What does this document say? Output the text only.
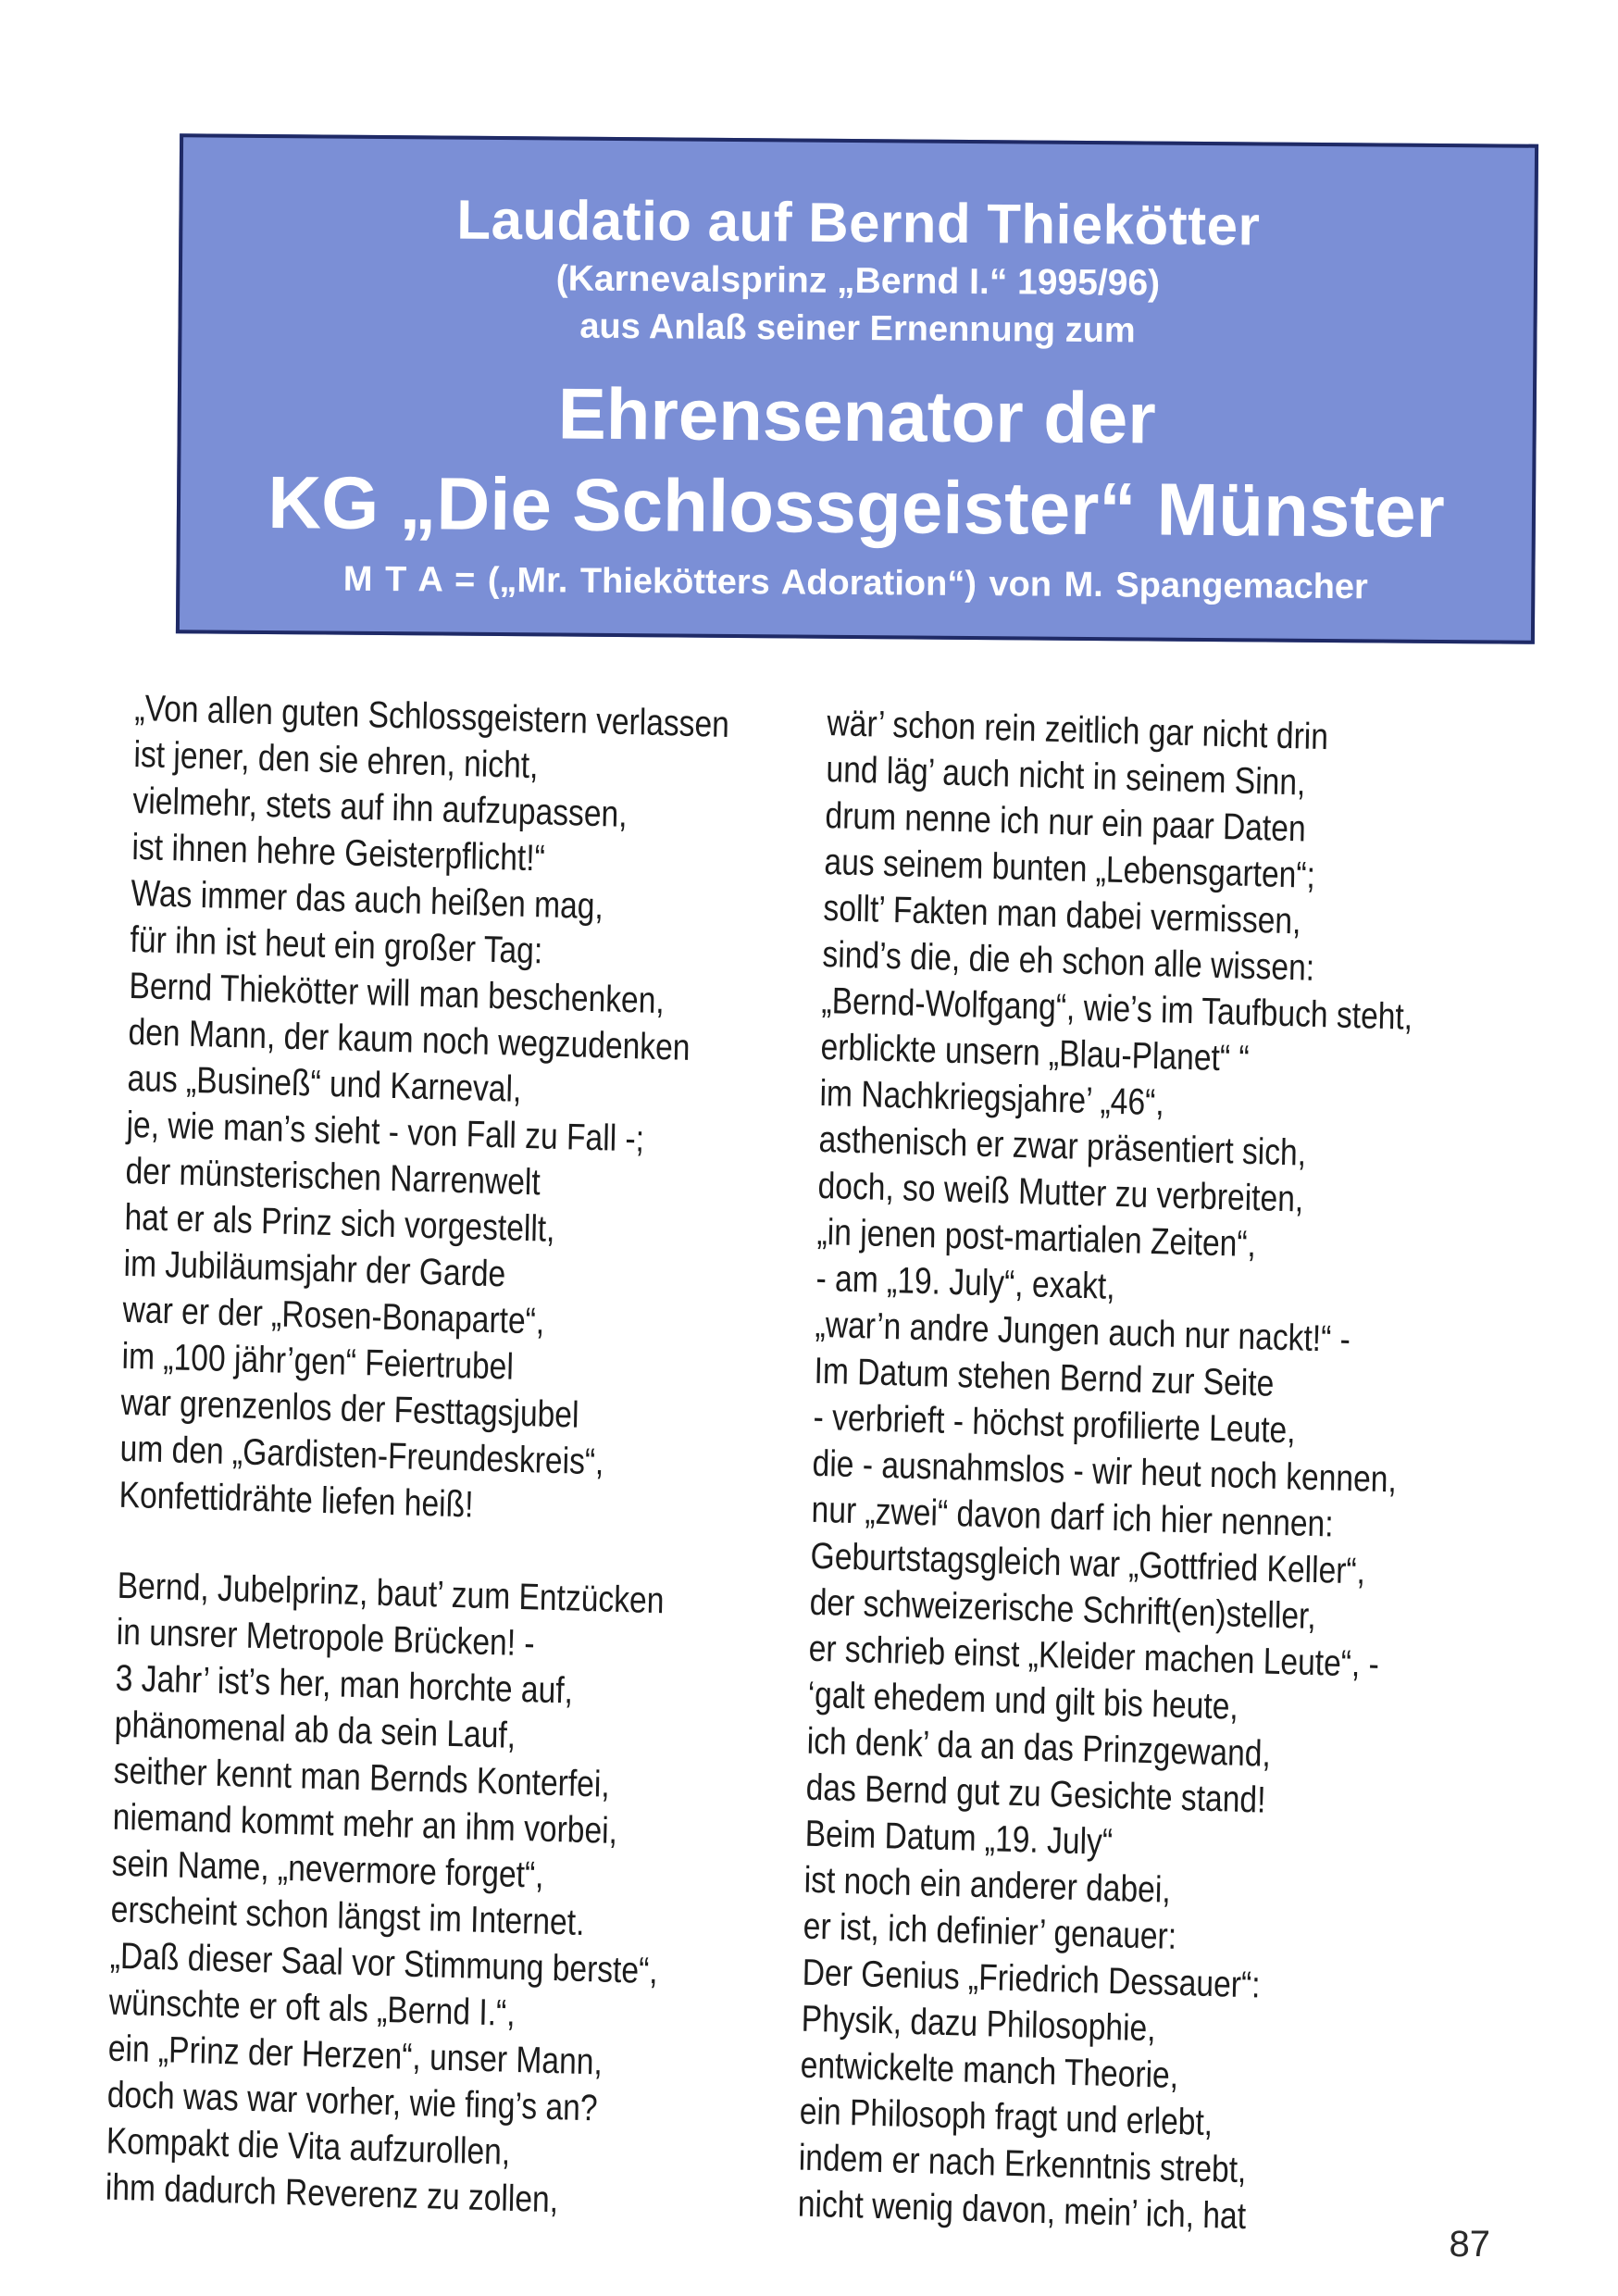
Laudatio auf Bernd Thiekötter
(Karnevalsprinz „Bernd I.“ 1995/96)
aus Anlaß seiner Ernennung zum
Ehrensenator der
KG „Die Schlossgeister“ Münster
M T A = („Mr. Thiekötters Adoration“) von M. Spangemacher
„Von allen guten Schlossgeistern verlassen
ist jener, den sie ehren, nicht,
vielmehr, stets auf ihn aufzupassen,
ist ihnen hehre Geisterpflicht!“
Was immer das auch heißen mag,
für ihn ist heut ein großer Tag:
Bernd Thiekötter will man beschenken,
den Mann, der kaum noch wegzudenken
aus „Busineß“ und Karneval,
je, wie man’s sieht - von Fall zu Fall -;
der münsterischen Narrenwelt
hat er als Prinz sich vorgestellt,
im Jubiläumsjahr der Garde
war er der „Rosen-Bonaparte“,
im „100 jähr’gen“ Feiertrubel
war grenzenlos der Festtagsjubel
um den „Gardisten-Freundeskreis“,
Konfettidrähte liefen heiß!
Bernd, Jubelprinz, baut’ zum Entzücken
in unsrer Metropole Brücken! -
3 Jahr’ ist’s her, man horchte auf,
phänomenal ab da sein Lauf,
seither kennt man Bernds Konterfei,
niemand kommt mehr an ihm vorbei,
sein Name, „nevermore forget“,
erscheint schon längst im Internet.
„Daß dieser Saal vor Stimmung berste“,
wünschte er oft als „Bernd I.“,
ein „Prinz der Herzen“, unser Mann,
doch was war vorher, wie fing’s an?
Kompakt die Vita aufzurollen,
ihm dadurch Reverenz zu zollen,
wär’ schon rein zeitlich gar nicht drin
und läg’ auch nicht in seinem Sinn,
drum nenne ich nur ein paar Daten
aus seinem bunten „Lebensgarten“;
sollt’ Fakten man dabei vermissen,
sind’s die, die eh schon alle wissen:
„Bernd-Wolfgang“, wie’s im Taufbuch steht,
erblickte unsern „Blau-Planet“ “
im Nachkriegsjahre’ „46“,
asthenisch er zwar präsentiert sich,
doch, so weiß Mutter zu verbreiten,
„in jenen post-martialen Zeiten“,
- am „19. July“, exakt,
„war’n andre Jungen auch nur nackt!“ -
Im Datum stehen Bernd zur Seite
- verbrieft - höchst profilierte Leute,
die - ausnahmslos - wir heut noch kennen,
nur „zwei“ davon darf ich hier nennen:
Geburtstagsgleich war „Gottfried Keller“,
der schweizerische Schrift(en)steller,
er schrieb einst „Kleider machen Leute“, -
‘galt ehedem und gilt bis heute,
ich denk’ da an das Prinzgewand,
das Bernd gut zu Gesichte stand!
Beim Datum „19. July“
ist noch ein anderer dabei,
er ist, ich definier’ genauer:
Der Genius „Friedrich Dessauer“:
Physik, dazu Philosophie,
entwickelte manch Theorie,
ein Philosoph fragt und erlebt,
indem er nach Erkenntnis strebt,
nicht wenig davon, mein’ ich, hat
87
